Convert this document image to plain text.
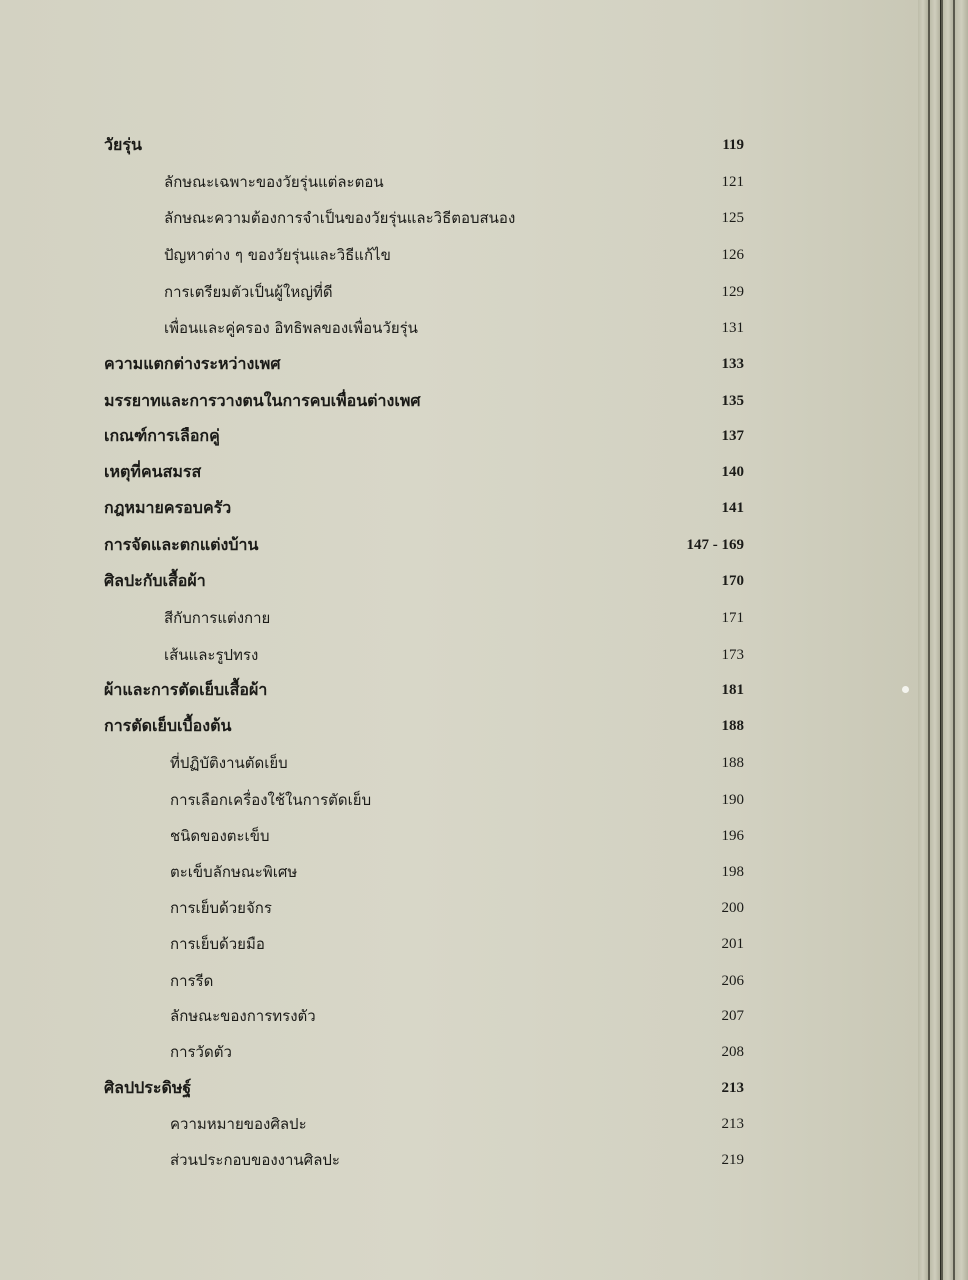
วัยรุ่น	119
ลักษณะเฉพาะของวัยรุ่นแต่ละตอน	121
ลักษณะความต้องการจำเป็นของวัยรุ่นและวิธีตอบสนอง	125
ปัญหาต่าง ๆ ของวัยรุ่นและวิธีแก้ไข	126
การเตรียมตัวเป็นผู้ใหญ่ที่ดี	129
เพื่อนและคู่ครอง อิทธิพลของเพื่อนวัยรุ่น	131
ความแตกต่างระหว่างเพศ	133
มรรยาทและการวางตนในการคบเพื่อนต่างเพศ	135
เกณฑ์การเลือกคู่	137
เหตุที่คนสมรส	140
กฎหมายครอบครัว	141
การจัดและตกแต่งบ้าน	147 - 169
ศิลปะกับเสื้อผ้า	170
สีกับการแต่งกาย	171
เส้นและรูปทรง	173
ผ้าและการตัดเย็บเสื้อผ้า	181
การตัดเย็บเบื้องต้น	188
ที่ปฏิบัติงานตัดเย็บ	188
การเลือกเครื่องใช้ในการตัดเย็บ	190
ชนิดของตะเข็บ	196
ตะเข็บลักษณะพิเศษ	198
การเย็บด้วยจักร	200
การเย็บด้วยมือ	201
การรีด	206
ลักษณะของการทรงตัว	207
การวัดตัว	208
ศิลปประดิษฐ์	213
ความหมายของศิลปะ	213
ส่วนประกอบของงานศิลปะ	219
